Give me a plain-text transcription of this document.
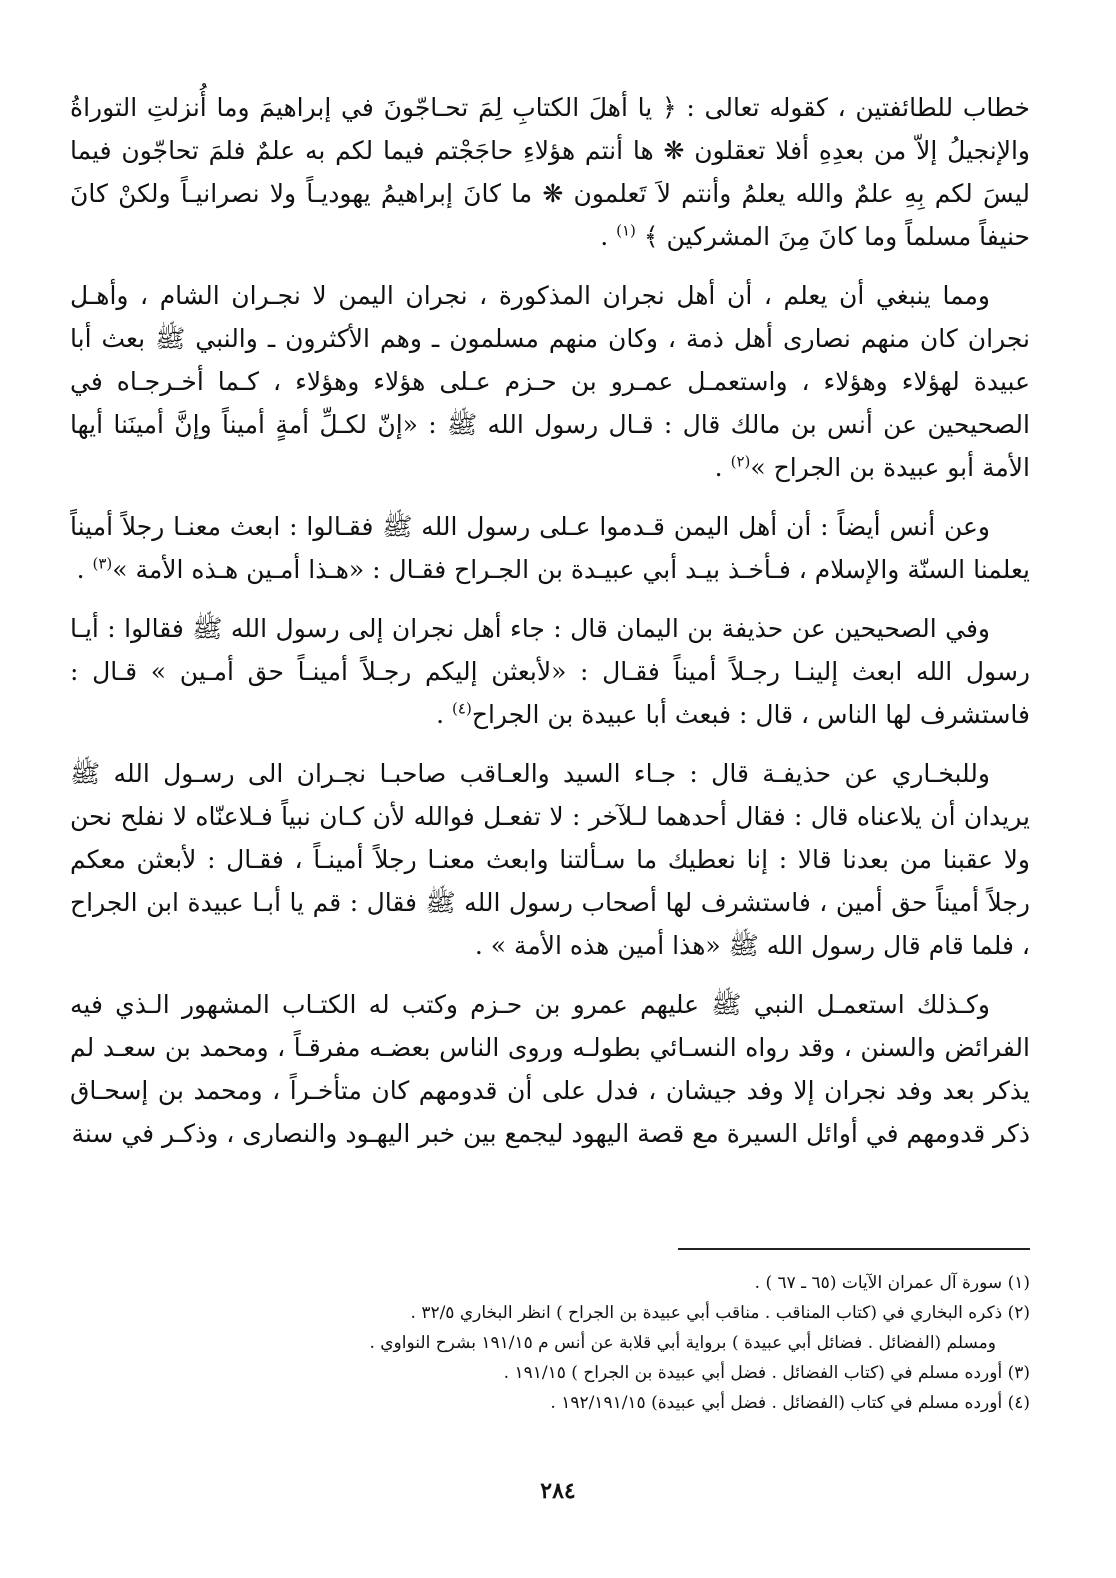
خطاب للطائفتين ، كقوله تعالى : ﴿ يا أهلَ الكتابِ لِمَ تحـاجّونَ في إبراهيمَ وما أُنزلتِ التوراةُ والإنجيلُ إلاّ من بعدِهِ أفلا تعقلون ❋ ها أنتم هؤلاءِ حاجَجْتم فيما لكم به علمٌ فلمَ تحاجّون فيما ليسَ لكم بِهِ علمٌ والله يعلمُ وأنتم لاَ تَعلمون ❋ ما كانَ إبراهيمُ يهوديـاً ولا نصرانيـاً ولكنْ كانَ حنيفاً مسلماً وما كانَ مِنَ المشركين ﴾ $^{(١)}$ .

ومما ينبغي أن يعلم ، أن أهل نجران المذكورة ، نجران اليمن لا نجـران الشام ، وأهـل نجران كان منهم نصارى أهل ذمة ، وكان منهم مسلمون ـ وهم الأكثرون ـ والنبي ﷺ بعث أبا عبيدة لهؤلاء وهؤلاء ، واستعمـل عمـرو بن حـزم عـلى هؤلاء وهؤلاء ، كـما أخـرجـاه في الصحيحين عن أنس بن مالك قال : قـال رسول الله ﷺ : «إنّ لكـلِّ أمةٍ أميناً وإنَّ أمينَنا أيها الأمة أبو عبيدة بن الجراح »$^{(٢)}$ .

وعن أنس أيضاً : أن أهل اليمن قـدموا عـلى رسول الله ﷺ فقـالوا : ابعث معنـا رجلاً أميناً يعلمنا السنّة والإسلام ، فـأخـذ بيـد أبي عبيـدة بن الجـراح فقـال : «هـذا أمـين هـذه الأمة »$^{(٣)}$ .

وفي الصحيحين عن حذيفة بن اليمان قال : جاء أهل نجران إلى رسول الله ﷺ فقالوا : أيـا رسول الله ابعث إلينـا رجـلاً أميناً فقـال : «لأبعثن إليكم رجـلاً أمينـاً حق أمـين » قـال : فاستشرف لها الناس ، قال : فبعث أبا عبيدة بن الجراح$^{(٤)}$ .

وللبخـاري عن حذيفـة قال : جـاء السيد والعـاقب صاحبـا نجـران الى رسـول الله ﷺ يريدان أن يلاعناه قال : فقال أحدهما لـلآخر : لا تفعـل فوالله لأن كـان نبياً فـلاعنّاه لا نفلح نحن ولا عقبنا من بعدنا قالا : إنا نعطيك ما سـألتنا وابعث معنـا رجلاً أمينـاً ، فقـال : لأبعثن معكم رجلاً أميناً حق أمين ، فاستشرف لها أصحاب رسول الله ﷺ فقال : قم يا أبـا عبيدة ابن الجراح ، فلما قام قال رسول الله ﷺ «هذا أمين هذه الأمة » .

وكـذلك استعمـل النبي ﷺ عليهم عمرو بن حـزم وكتب له الكتـاب المشهور الـذي فيه الفرائض والسنن ، وقد رواه النسـائي بطولـه وروى الناس بعضـه مفرقـاً ، ومحمد بن سعـد لم يذكر بعد وفد نجران إلا وفد جيشان ، فدل على أن قدومهم كان متأخـراً ، ومحمد بن إسحـاق ذكر قدومهم في أوائل السيرة مع قصة اليهود ليجمع بين خبر اليهـود والنصارى ، وذكـر في سنة

(١) سورة آل عمران الآيات (٦٥ ـ ٦٧ ) .

(٢) ذكره البخاري في (كتاب المناقب . مناقب أبي عبيدة بن الجراح ) انظر البخاري ٣٢/٥ .

ومسلم (الفضائل . فضائل أبي عبيدة ) برواية أبي قلابة عن أنس م ١٩١/١٥ بشرح النواوي .

(٣) أورده مسلم في (كتاب الفضائل . فضل أبي عبيدة بن الجراح ) ١٩١/١٥ .

(٤) أورده مسلم في كتاب (الفضائل . فضل أبي عبيدة) ١٩٢/١٩١/١٥ .

٢٨٤
